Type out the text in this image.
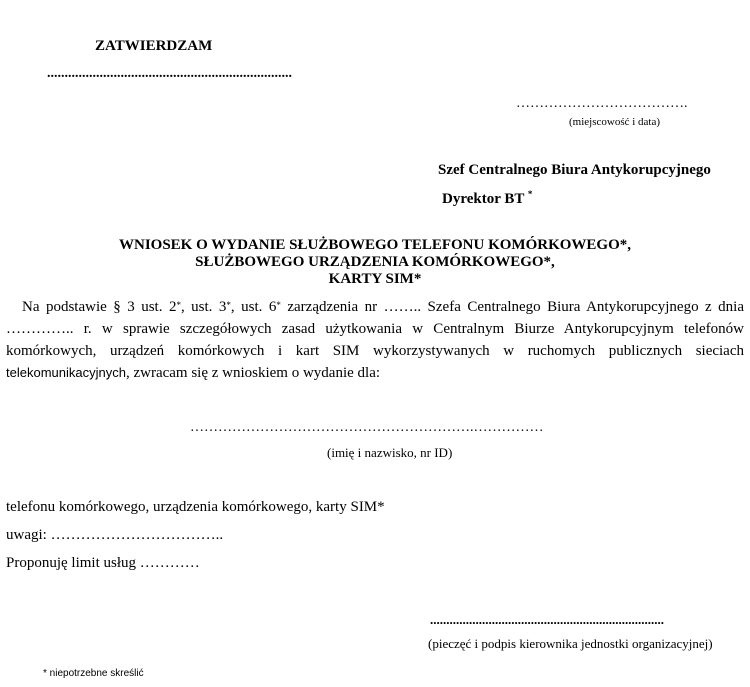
ZATWIERDZAM
......................................................................
……………………………….
(miejscowość i data)
Szef Centralnego Biura Antykorupcyjnego
Dyrektor BT *
WNIOSEK O WYDANIE SŁUŻBOWEGO TELEFONU KOMÓRKOWEGO*,
SŁUŻBOWEGO URZĄDZENIA KOMÓRKOWEGO*,
KARTY SIM*
Na podstawie § 3 ust. 2*, ust. 3*, ust. 6* zarządzenia nr …….. Szefa Centralnego Biura Antykorupcyjnego z dnia ………….. r. w sprawie szczegółowych zasad użytkowania w Centralnym Biurze Antykorupcyjnym telefonów komórkowych, urządzeń komórkowych i kart SIM wykorzystywanych w ruchomych publicznych sieciach telekomunikacyjnych, zwracam się z wnioskiem o wydanie dla:
…………………………………………………….……………
(imię i nazwisko, nr ID)
telefonu komórkowego, urządzenia komórkowego, karty SIM*
uwagi: ……………………………..
Proponuję limit usług …………
........................................................................
(pieczęć i podpis kierownika jednostki organizacyjnej)
* niepotrzebne skreślić
